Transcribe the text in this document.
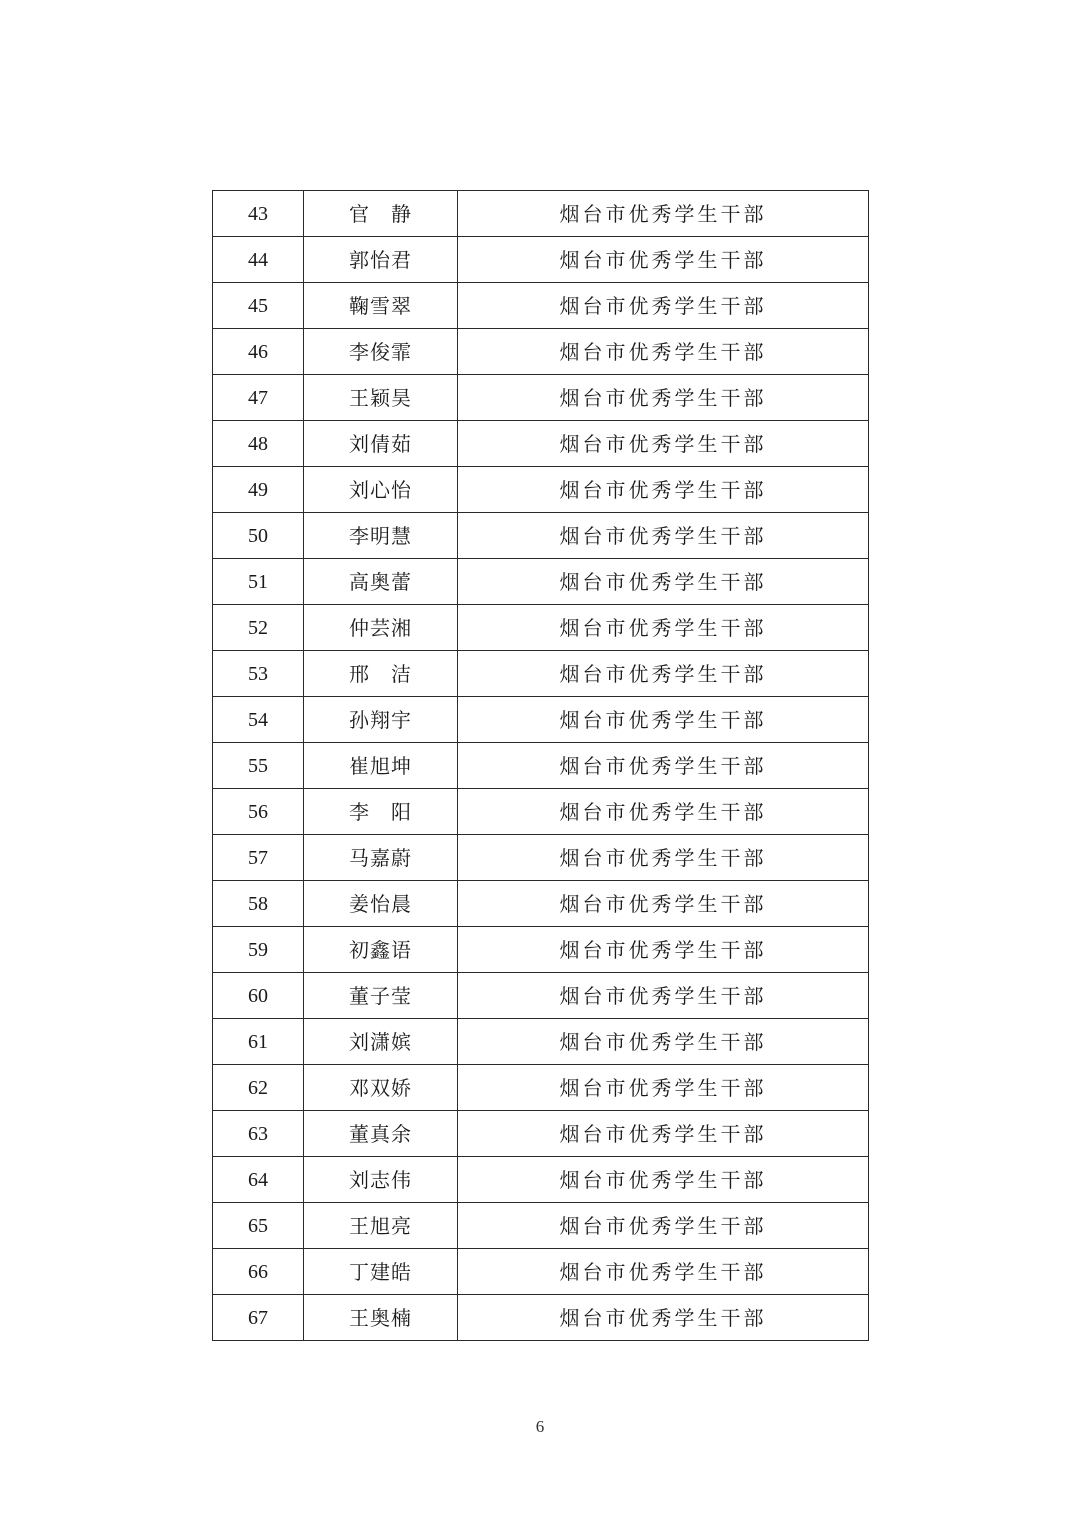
43	官　静	烟台市优秀学生干部
44	郭怡君	烟台市优秀学生干部
45	鞠雪翠	烟台市优秀学生干部
46	李俊霏	烟台市优秀学生干部
47	王颖昊	烟台市优秀学生干部
48	刘倩茹	烟台市优秀学生干部
49	刘心怡	烟台市优秀学生干部
50	李明慧	烟台市优秀学生干部
51	高奥蕾	烟台市优秀学生干部
52	仲芸湘	烟台市优秀学生干部
53	邢　洁	烟台市优秀学生干部
54	孙翔宇	烟台市优秀学生干部
55	崔旭坤	烟台市优秀学生干部
56	李　阳	烟台市优秀学生干部
57	马嘉蔚	烟台市优秀学生干部
58	姜怡晨	烟台市优秀学生干部
59	初鑫语	烟台市优秀学生干部
60	董子莹	烟台市优秀学生干部
61	刘潇嫔	烟台市优秀学生干部
62	邓双娇	烟台市优秀学生干部
63	董真余	烟台市优秀学生干部
64	刘志伟	烟台市优秀学生干部
65	王旭亮	烟台市优秀学生干部
66	丁建皓	烟台市优秀学生干部
67	王奥楠	烟台市优秀学生干部
6
